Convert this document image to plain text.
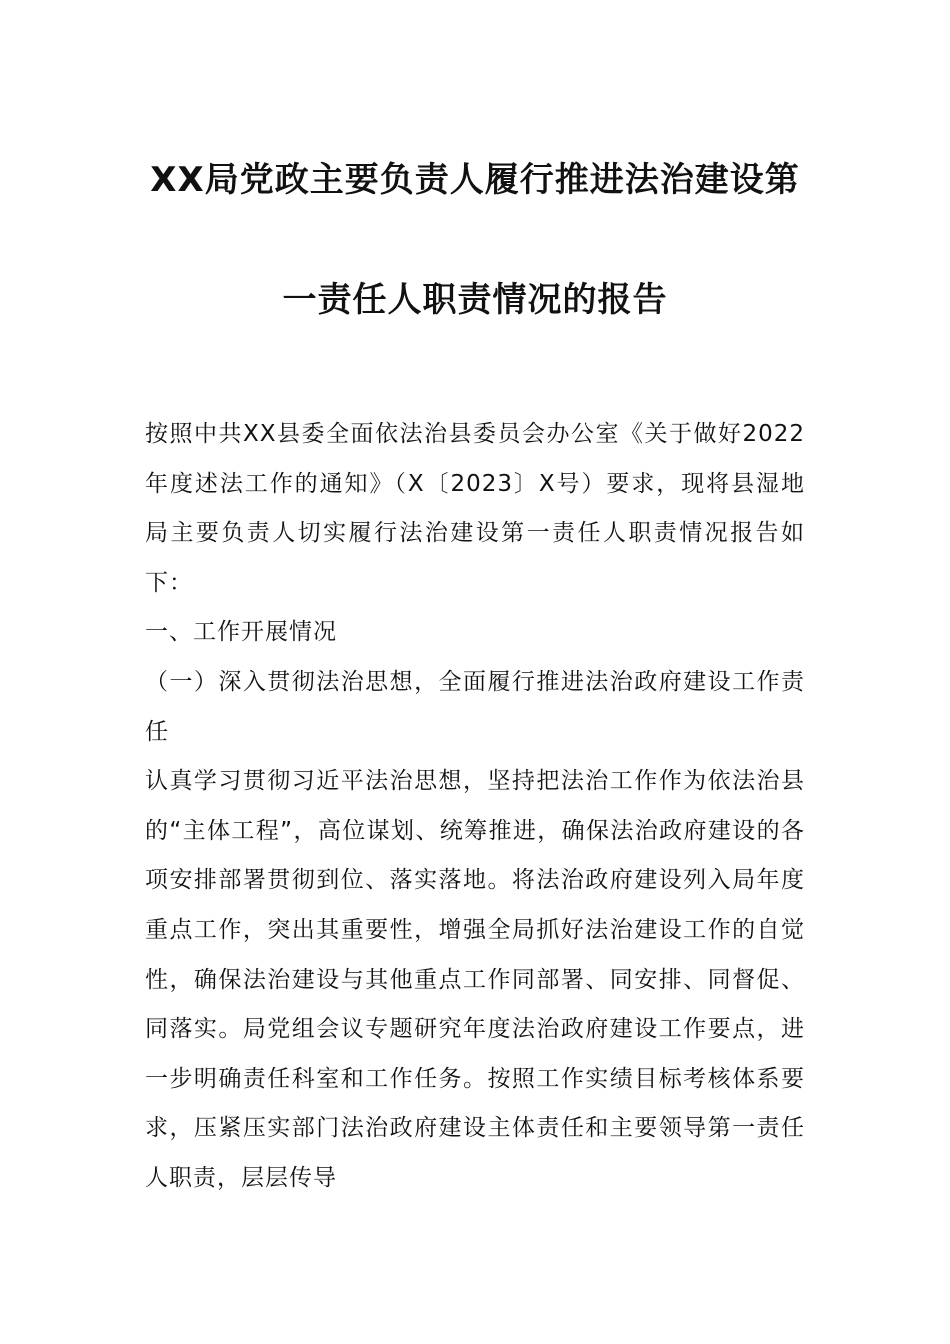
XX局党政主要负责人履行推进法治建设第
一责任人职责情况的报告

按照中共XX县委全面依法治县委员会办公室《关于做好2022年度述法工作的通知》（X〔2023〕X号）要求，现将县湿地局主要负责人切实履行法治建设第一责任人职责情况报告如下：

一、工作开展情况

（一）深入贯彻法治思想，全面履行推进法治政府建设工作责任

认真学习贯彻习近平法治思想，坚持把法治工作作为依法治县的“主体工程”，高位谋划、统筹推进，确保法治政府建设的各项安排部署贯彻到位、落实落地。将法治政府建设列入局年度重点工作，突出其重要性，增强全局抓好法治建设工作的自觉性，确保法治建设与其他重点工作同部署、同安排、同督促、同落实。局党组会议专题研究年度法治政府建设工作要点，进一步明确责任科室和工作任务。按照工作实绩目标考核体系要求，压紧压实部门法治政府建设主体责任和主要领导第一责任人职责，层层传导
